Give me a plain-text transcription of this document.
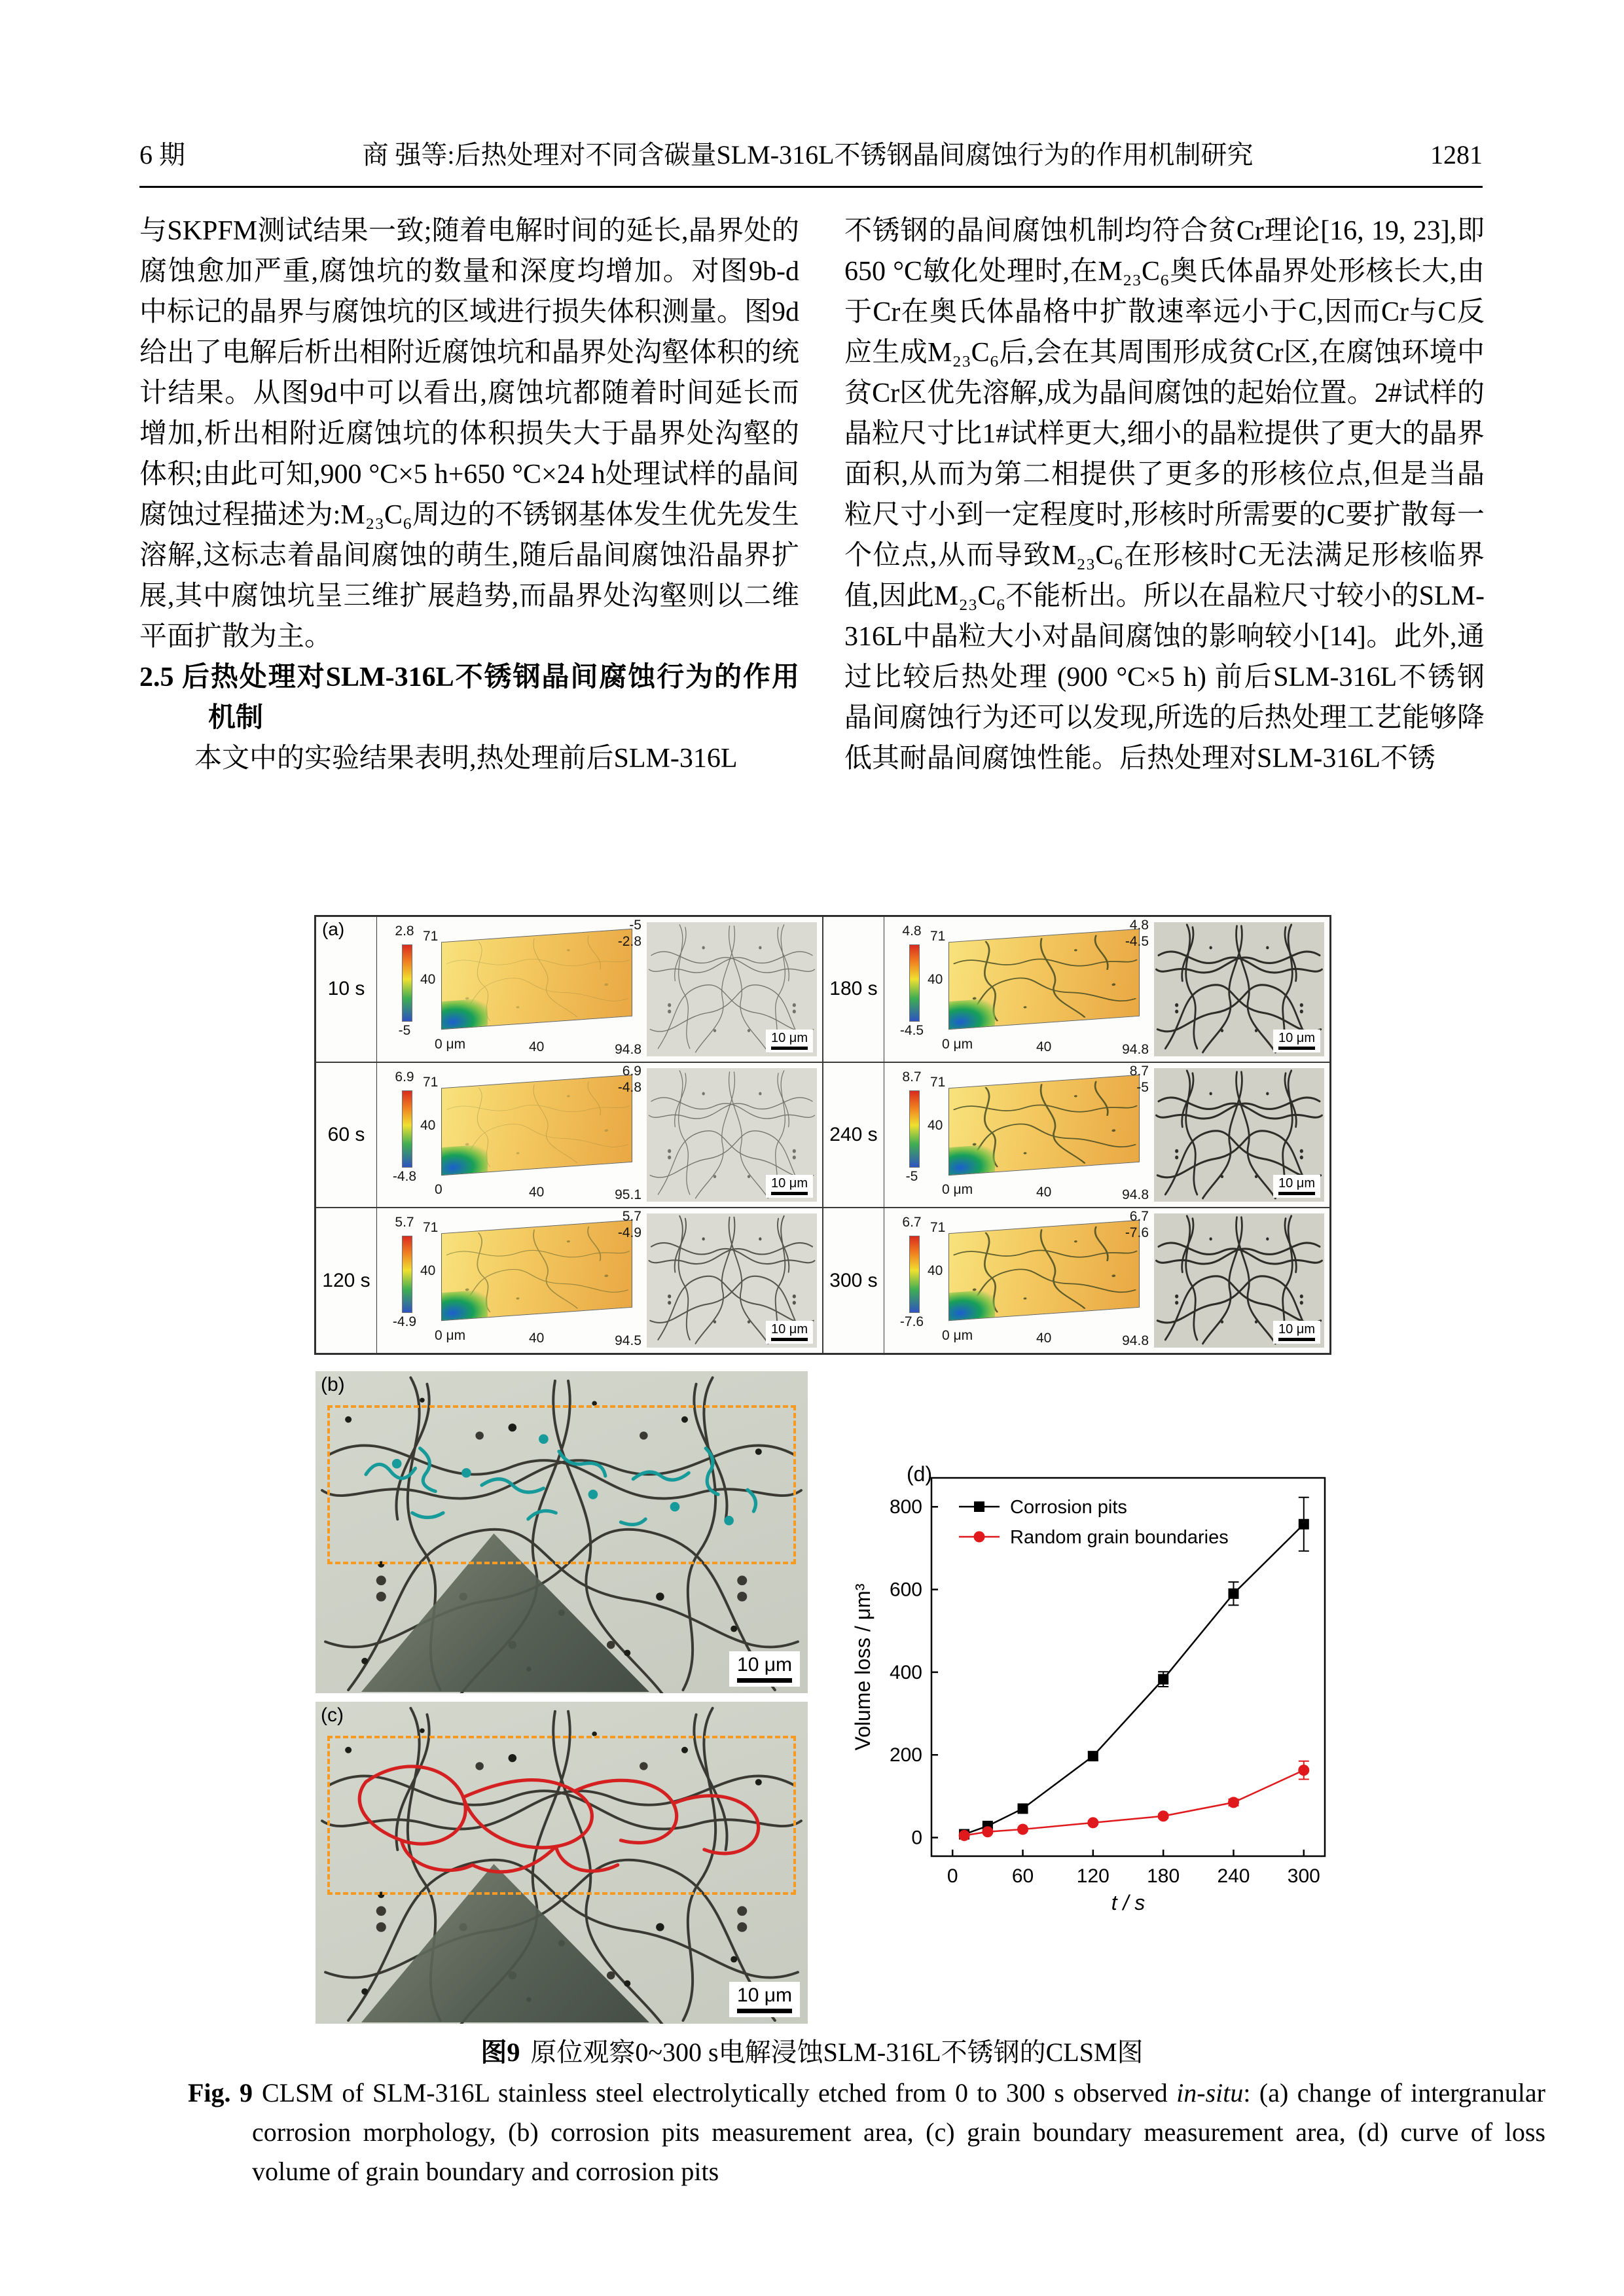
6 期	商 强等:后热处理对不同含碳量SLM-316L不锈钢晶间腐蚀行为的作用机制研究	1281

与SKPFM测试结果一致;随着电解时间的延长,晶界处的腐蚀愈加严重,腐蚀坑的数量和深度均增加。对图9b-d中标记的晶界与腐蚀坑的区域进行损失体积测量。图9d给出了电解后析出相附近腐蚀坑和晶界处沟壑体积的统计结果。从图9d中可以看出,腐蚀坑都随着时间延长而增加,析出相附近腐蚀坑的体积损失大于晶界处沟壑的体积;由此可知,900 °C×5 h+650 °C×24 h处理试样的晶间腐蚀过程描述为:M₂₃C₆周边的不锈钢基体发生优先发生溶解,这标志着晶间腐蚀的萌生,随后晶间腐蚀沿晶界扩展,其中腐蚀坑呈三维扩展趋势,而晶界处沟壑则以二维平面扩散为主。

2.5 后热处理对SLM-316L不锈钢晶间腐蚀行为的作用机制

本文中的实验结果表明,热处理前后SLM-316L

不锈钢的晶间腐蚀机制均符合贫Cr理论[16, 19, 23],即650 °C敏化处理时,在M₂₃C₆奥氏体晶界处形核长大,由于Cr在奥氏体晶格中扩散速率远小于C,因而Cr与C反应生成M₂₃C₆后,会在其周围形成贫Cr区,在腐蚀环境中贫Cr区优先溶解,成为晶间腐蚀的起始位置。2#试样的晶粒尺寸比1#试样更大,细小的晶粒提供了更大的晶界面积,从而为第二相提供了更多的形核位点,但是当晶粒尺寸小到一定程度时,形核时所需要的C要扩散每一个位点,从而导致M₂₃C₆在形核时C无法满足形核临界值,因此M₂₃C₆不能析出。所以在晶粒尺寸较小的SLM-316L中晶粒大小对晶间腐蚀的影响较小[14]。此外,通过比较后热处理 (900 °C×5 h) 前后SLM-316L不锈钢晶间腐蚀行为还可以发现,所选的后热处理工艺能够降低其耐晶间腐蚀性能。后热处理对SLM-316L不锈

(a)
10 s
2.8
-5
71
40
-5
-2.8
0 μm	40	94.8
10 μm
180 s
4.8
-4.5
71
40
4.8
-4.5
0 μm	40	94.8
10 μm
60 s
6.9
-4.8
71
40
6.9
-4.8
0	40	95.1
10 μm
240 s
8.7
-5
71
40
8.7
-5
0 μm	40	94.8
10 μm
120 s
5.7
-4.9
71
40
5.7
-4.9
0 μm	40	94.5
10 μm
300 s
6.7
-7.6
71
40
6.7
-7.6
0 μm	40	94.8
10 μm
(b)
10 μm
(c)
10 μm
(d)
0	60 120 180 240 300
0
200
400
600
800
t / s
Volume loss / μm³
Corrosion pits
Random grain boundaries
图9 原位观察0~300 s电解浸蚀SLM-316L不锈钢的CLSM图
Fig. 9 CLSM of SLM-316L stainless steel electrolytically etched from 0 to 300 s observed in-situ: (a) change of intergranular corrosion morphology, (b) corrosion pits measurement area, (c) grain boundary measurement area, (d) curve of loss volume of grain boundary and corrosion pits
